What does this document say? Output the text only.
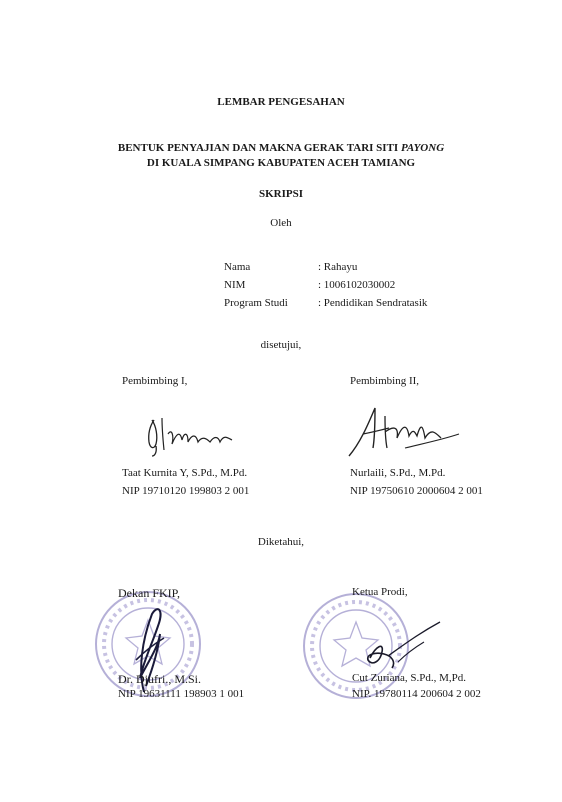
LEMBAR PENGESAHAN
BENTUK PENYAJIAN DAN MAKNA GERAK TARI SITI PAYONG
DI KUALA SIMPANG KABUPATEN ACEH TAMIANG
SKRIPSI
Oleh
Nama	: Rahayu
NIM	: 1006102030002
Program Studi	: Pendidikan Sendratasik
disetujui,
Pembimbing I,	Pembimbing II,
Taat Kurnita Y, S.Pd., M.Pd.
NIP 19710120 199803 2 001
Nurlaili, S.Pd., M.Pd.
NIP 19750610 2000604 2 001
Diketahui,
Dekan FKIP,	Ketua Prodi,
Dr. Djufri., M.Si.
NIP 19631111 198903 1 001
Cut Zuriana, S.Pd., M,Pd.
NIP. 19780114 200604 2 002
